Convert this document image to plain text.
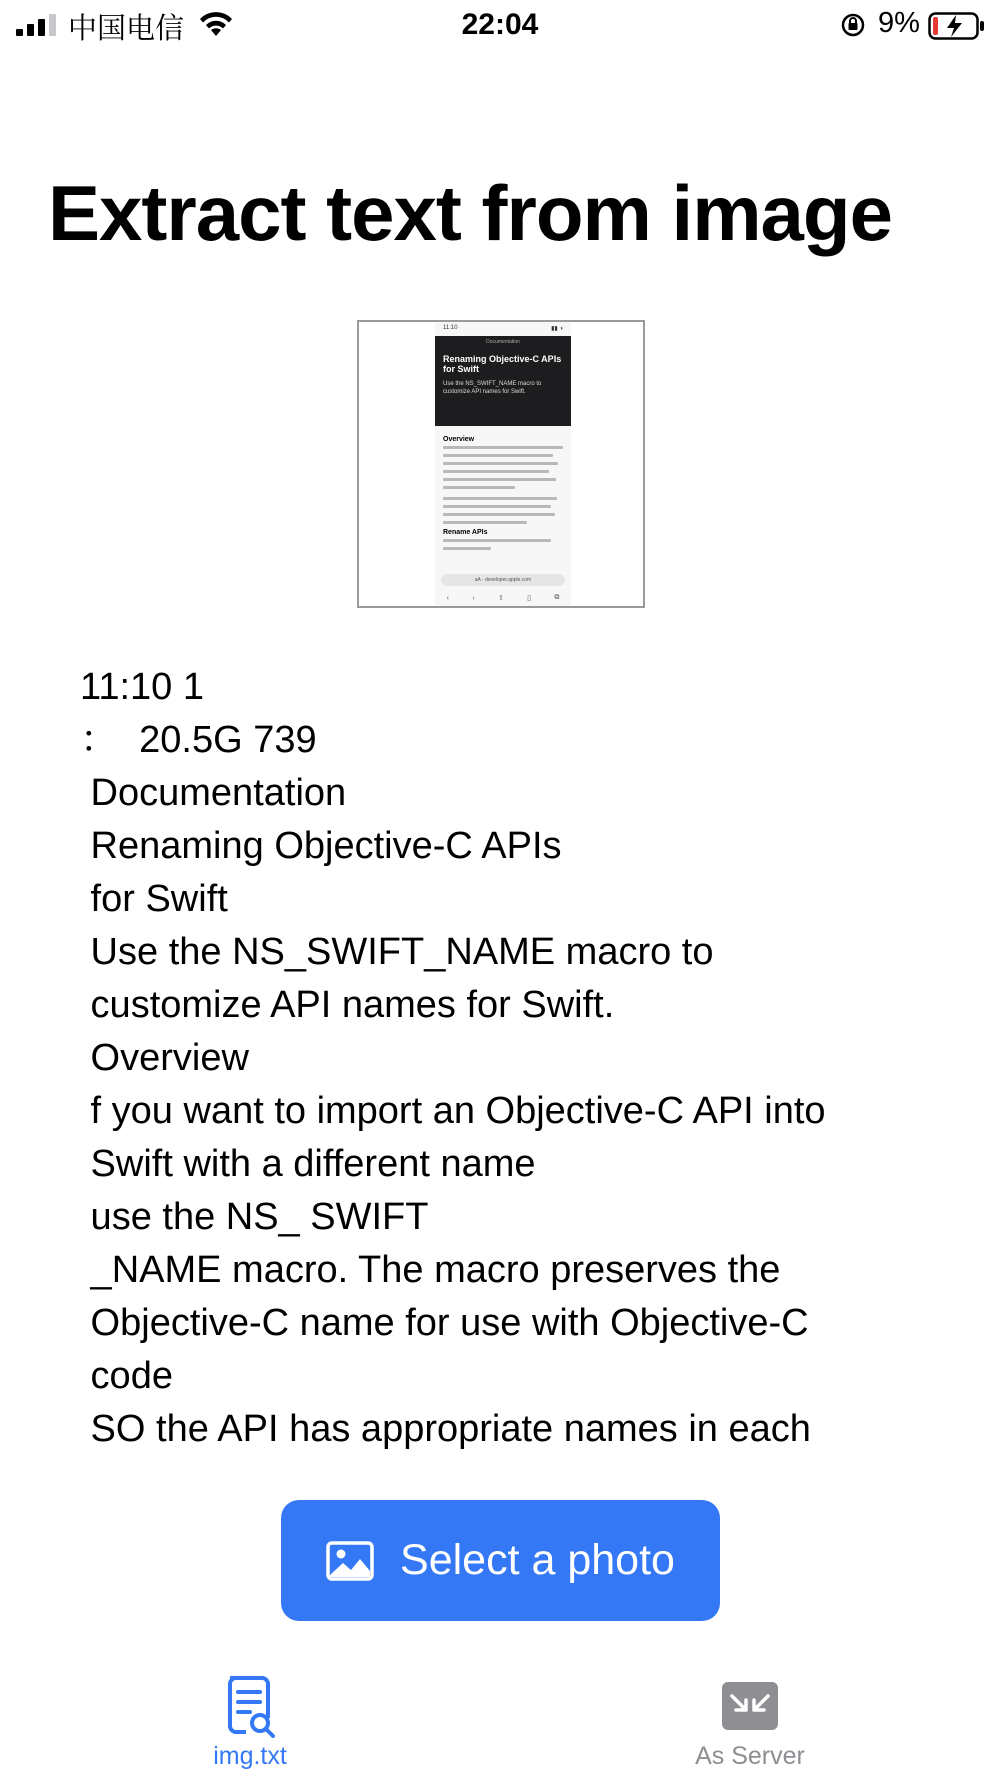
中国电信	22:04	9%
Extract text from image
11:10	▮▮ ◑
Documentation
Renaming Objective-C APIs for Swift
Use the NS_SWIFT_NAME macro to customize API names for Swift.
Overview
Rename APIs
aA · developer.apple.com
‹	›	⇧	▯	⧉
11:10 1
：  20.5G 739
Documentation
Renaming Objective-C APIs
for Swift
Use the NS_SWIFT_NAME macro to
customize API names for Swift.
Overview
f you want to import an Objective-C API into
Swift with a different name
use the NS_ SWIFT
_NAME macro. The macro preserves the
Objective-C name for use with Objective-C
code
SO the API has appropriate names in each
Select a photo
img.txt	As Server
